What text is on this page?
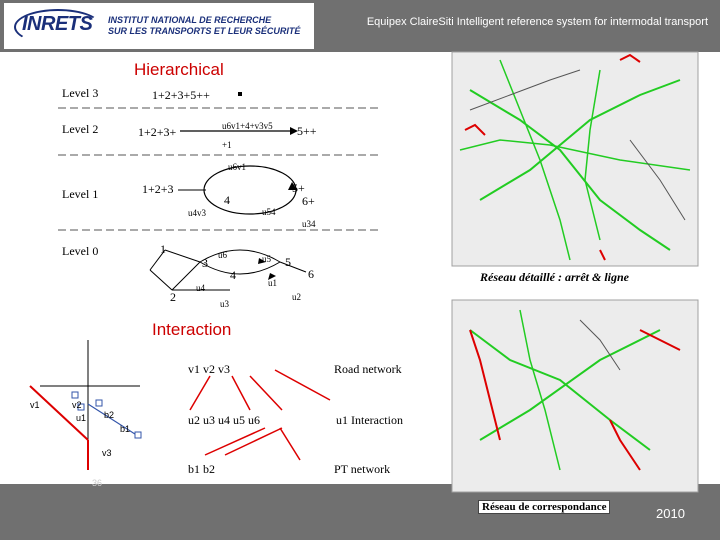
INRETS INSTITUT NATIONAL DE RECHERCHE
SUR LES TRANSPORTS ET LEUR SÉCURITÉ
Equipex ClaireSiti Intelligent reference system for intermodal transport
Hierarchical
Level 3
Level 2
Level 1
Level 0
1+2+3+5++
1+2+3+	5++
u6v1+4+v3v5
+1
u6v1
1+2+3
4
5+
6+
u4v3	u54
u34
1
2
3
4
5
6
u6	u5
u4
u3
u1
u2
Interaction
v1	v2
v3
u1 b2
b1
36
v1 v2 v3
u2 u3 u4 u5 u6
b1 b2
Road network
u1 Interaction
PT network
Réseau détaillé : arrêt & ligne
Réseau de correspondance	2010
